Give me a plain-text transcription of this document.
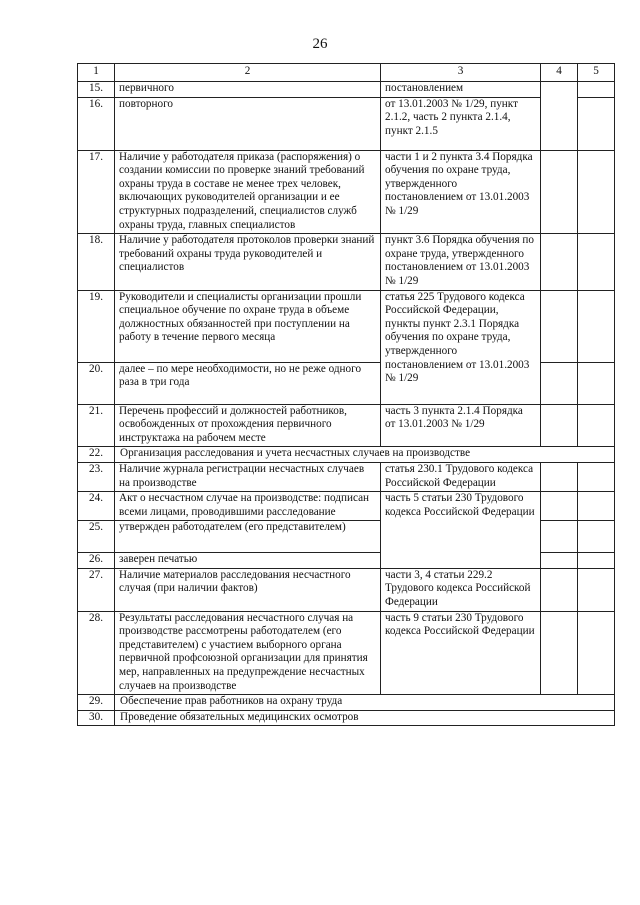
26
1	2	3	4	5
15.	первичного	постановлением		
16.	повторного	от 13.01.2003 № 1/29, пункт 2.1.2, часть 2 пункта 2.1.4, пункт 2.1.5		
17.	Наличие у работодателя приказа (распоряжения) о создании комиссии по проверке знаний требований охраны труда в составе не менее трех человек, включающих руководителей организации и ее структурных подразделений, специалистов служб охраны труда, главных специалистов	части 1 и 2 пункта 3.4 Порядка обучения по охране труда, утвержденного постановлением от 13.01.2003 № 1/29		
18.	Наличие у работодателя протоколов проверки знаний требований охраны труда руководителей и специалистов	пункт 3.6 Порядка обучения по охране труда, утвержденного постановлением от 13.01.2003 № 1/29		
19.	Руководители и специалисты организации прошли специальное обучение по охране труда в объеме должностных обязанностей при поступлении на работу в течение первого месяца	статья 225 Трудового кодекса Российской Федерации, пункты пункт 2.3.1 Порядка обучения по охране труда, утвержденного постановлением от 13.01.2003 № 1/29		
20.	далее – по мере необходимости, но не реже одного раза в три года			
21.	Перечень профессий и должностей работников, освобожденных от прохождения первичного инструктажа на рабочем месте	часть 3 пункта 2.1.4 Порядка от 13.01.2003 № 1/29		
22.	Организация расследования и учета несчастных случаев на производстве			
23.	Наличие журнала регистрации несчастных случаев на производстве	статья 230.1 Трудового кодекса Российской Федерации		
24.	Акт о несчастном случае на производстве: подписан всеми лицами, проводившими расследование	часть 5 статьи 230 Трудового кодекса Российской Федерации		
25.	утвержден работодателем (его представителем)			
26.	заверен печатью			
27.	Наличие материалов расследования несчастного случая (при наличии фактов)	части 3, 4 статьи 229.2 Трудового кодекса Российской Федерации		
28.	Результаты расследования несчастного случая на производстве рассмотрены работодателем (его представителем) с участием выборного органа первичной профсоюзной организации для принятия мер, направленных на предупреждение несчастных случаев на производстве	часть 9 статьи 230 Трудового кодекса Российской Федерации		
29.	Обеспечение прав работников на охрану труда			
30.	Проведение обязательных медицинских осмотров			
